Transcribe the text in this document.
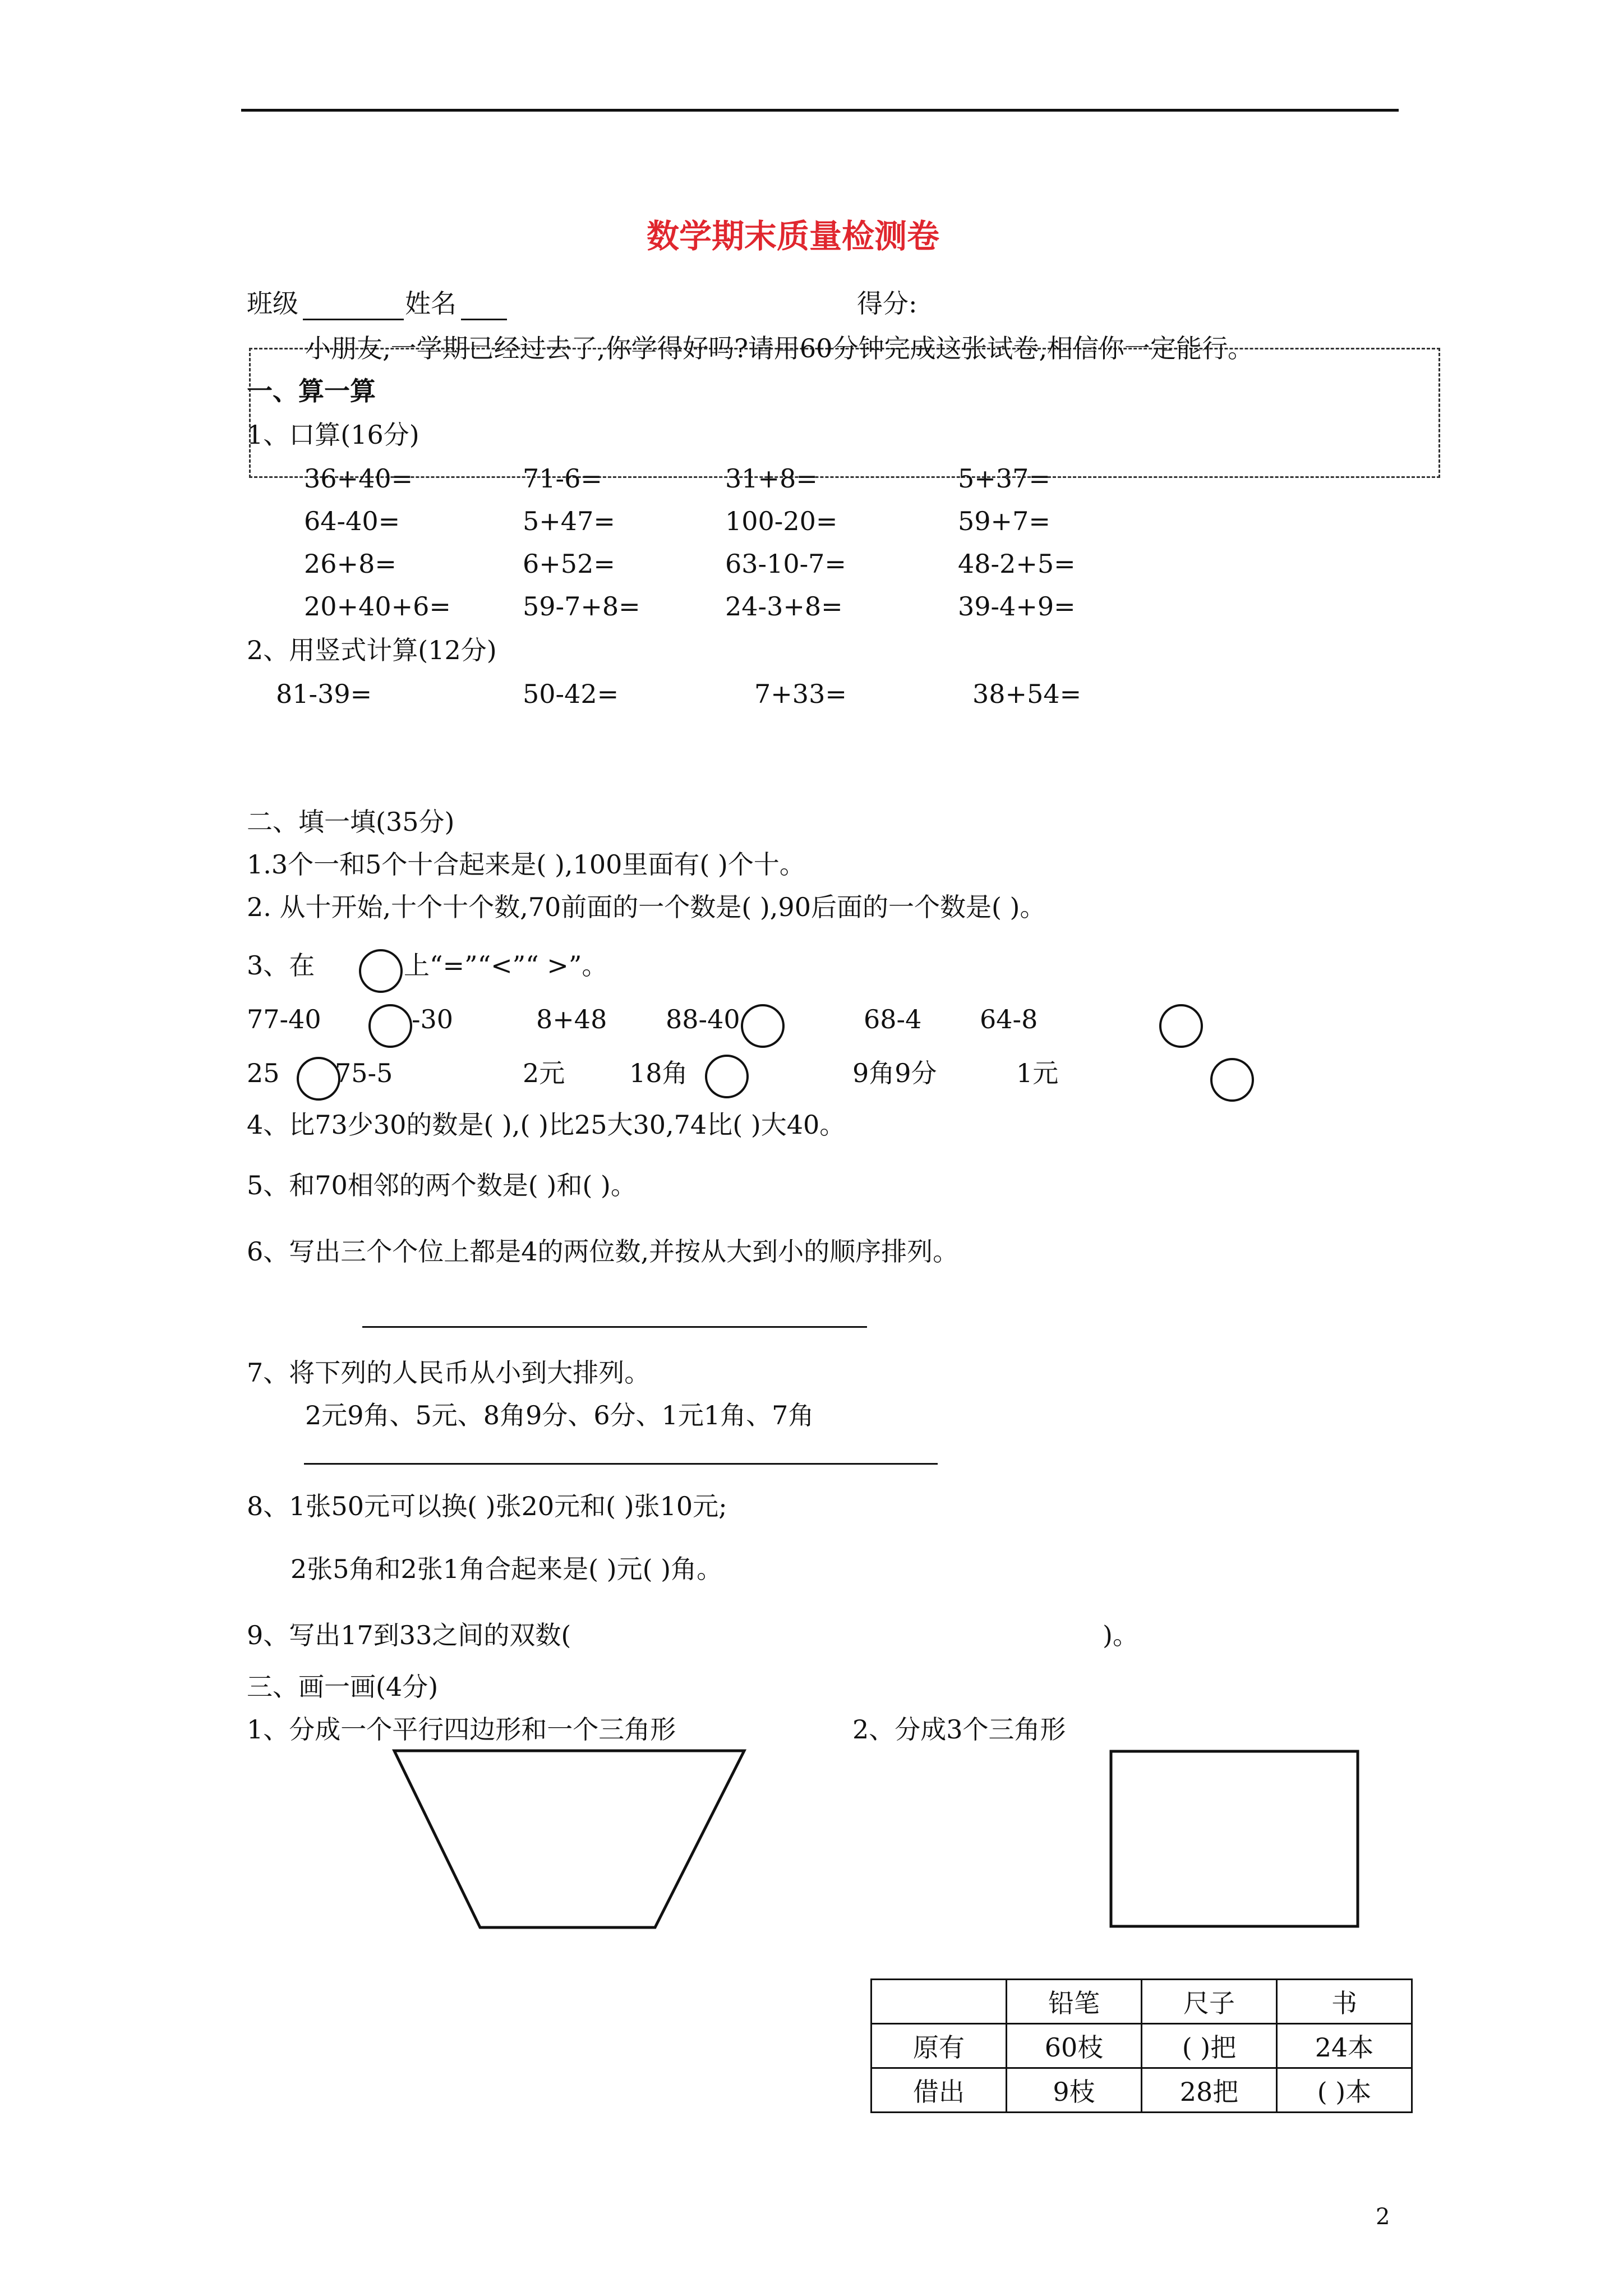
数学期末质量检测卷
班级	姓名	得分:
小朋友,一学期已经过去了,你学得好吗?请用60分钟完成这张试卷,相信你一定能行。
一、算一算
1、口算(16分)
36+40=	71-6=	31+8=	5+37=
64-40=	5+47=	100-20=	59+7=
26+8=	6+52=	63-10-7=	48-2+5=
20+40+6=	59-7+8=	24-3+8=	39-4+9=
2、用竖式计算(12分)
81-39=	50-42=	7+33=	38+54=
二、填一填(35分)
1.3个一和5个十合起来是( ),100里面有( )个十。
2. 从十开始,十个十个数,70前面的一个数是( ),90后面的一个数是( )。
3、在	上“=”“<”“ >”。
77-40	-30	8+48 88-40	68-4 64-8
25 75-5	2元 18角	9角9分	1元
4、比73少30的数是( ),( )比25大30,74比( )大40。
5、和70相邻的两个数是( )和( )。
6、写出三个个位上都是4的两位数,并按从大到小的顺序排列。
7、将下列的人民币从小到大排列。
2元9角、5元、8角9分、6分、1元1角、7角
8、1张50元可以换( )张20元和( )张10元;
2张5角和2张1角合起来是( )元( )角。
9、写出17到33之间的双数(	)。
三、画一画(4分)
1、分成一个平行四边形和一个三角形	2、分成3个三角形
	铅笔	尺子	书
原有	60枝	( )把	24本
借出	9枝	28把	( )本
2
